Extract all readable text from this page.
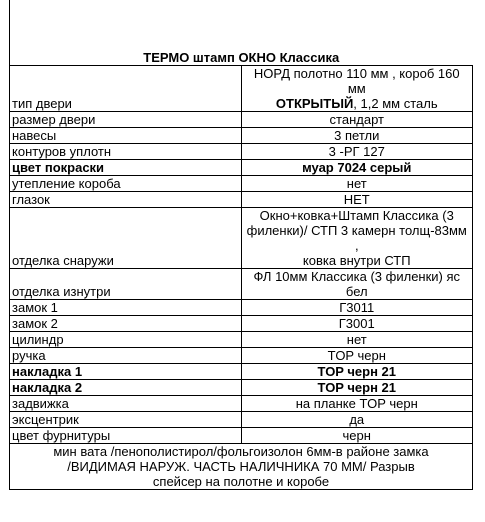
ТЕРМО штамп ОКНО Классика	
тип двери	НОРД полотно 110 мм , короб 160 мм
ОТКРЫТЫЙ, 1,2 мм сталь

размер двери	стандарт
навесы	3 петли
контуров уплотн	3 -РГ 127
цвет покраски	муар 7024 серый
утепление короба	нет
глазок	НЕТ
отделка снаружи	Окно+ковка+Штамп Классика (3
филенки)/ СТП 3 камерн толщ-83мм ,
ковка внутри СТП

отделка изнутри	ФЛ 10мм Классика (3 филенки) яс бел
замок 1	Г3011
замок 2	Г3001
цилиндр	нет
ручка	TOP черн
накладка 1	TOP черн 21
накладка 2	TOP черн 21
задвижка	на планке TOP черн
эксцентрик	да
цвет фурнитуры	черн

мин вата /пенополистирол/фольгоизолон 6мм-в районе замка
/ВИДИМАЯ НАРУЖ. ЧАСТЬ НАЛИЧНИКА 70 ММ/ Разрыв
спейсер на полотне и коробе	
